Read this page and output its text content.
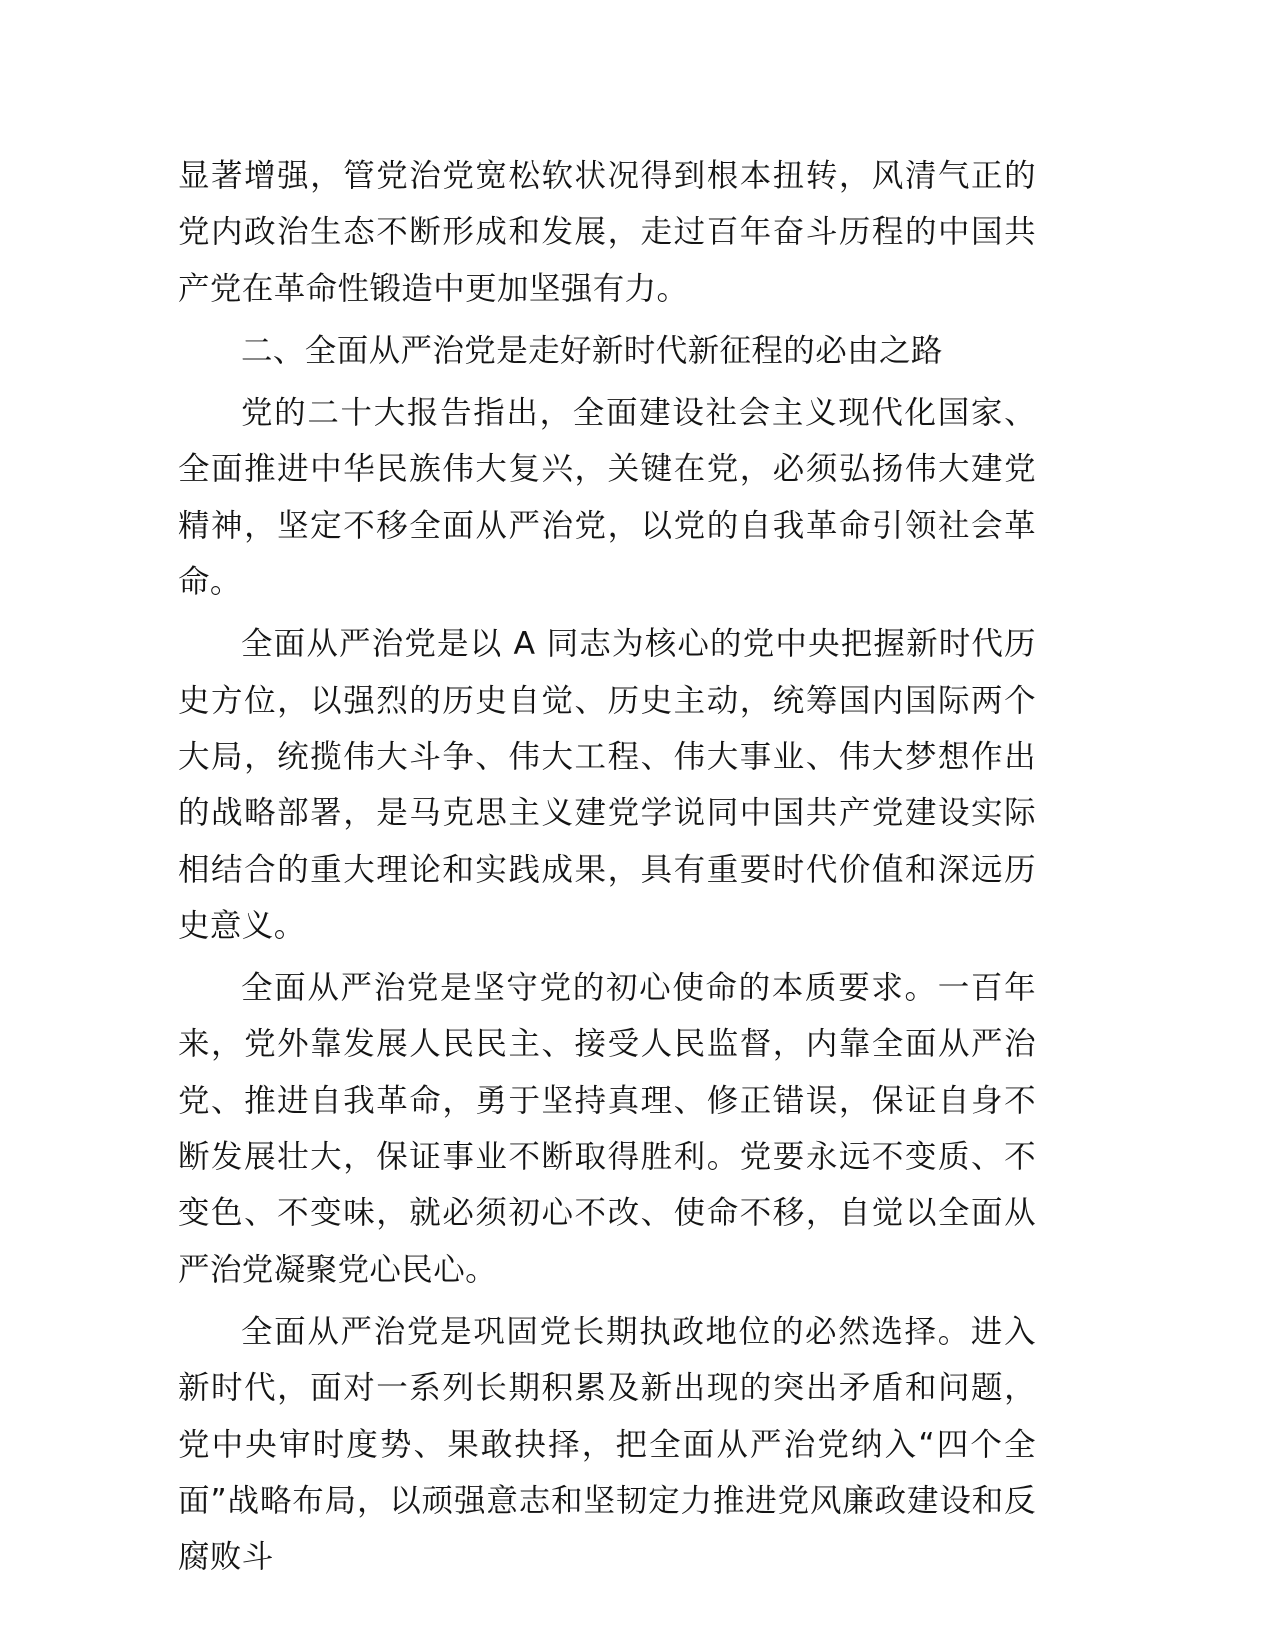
显著增强，管党治党宽松软状况得到根本扭转，风清气正的党内政治生态不断形成和发展，走过百年奋斗历程的中国共产党在革命性锻造中更加坚强有力。

二、全面从严治党是走好新时代新征程的必由之路

党的二十大报告指出，全面建设社会主义现代化国家、全面推进中华民族伟大复兴，关键在党，必须弘扬伟大建党精神，坚定不移全面从严治党，以党的自我革命引领社会革命。

全面从严治党是以 A 同志为核心的党中央把握新时代历史方位，以强烈的历史自觉、历史主动，统筹国内国际两个大局，统揽伟大斗争、伟大工程、伟大事业、伟大梦想作出的战略部署，是马克思主义建党学说同中国共产党建设实际相结合的重大理论和实践成果，具有重要时代价值和深远历史意义。

全面从严治党是坚守党的初心使命的本质要求。一百年来，党外靠发展人民民主、接受人民监督，内靠全面从严治党、推进自我革命，勇于坚持真理、修正错误，保证自身不断发展壮大，保证事业不断取得胜利。党要永远不变质、不变色、不变味，就必须初心不改、使命不移，自觉以全面从严治党凝聚党心民心。

全面从严治党是巩固党长期执政地位的必然选择。进入新时代，面对一系列长期积累及新出现的突出矛盾和问题，党中央审时度势、果敢抉择，把全面从严治党纳入“四个全面”战略布局，以顽强意志和坚韧定力推进党风廉政建设和反腐败斗
